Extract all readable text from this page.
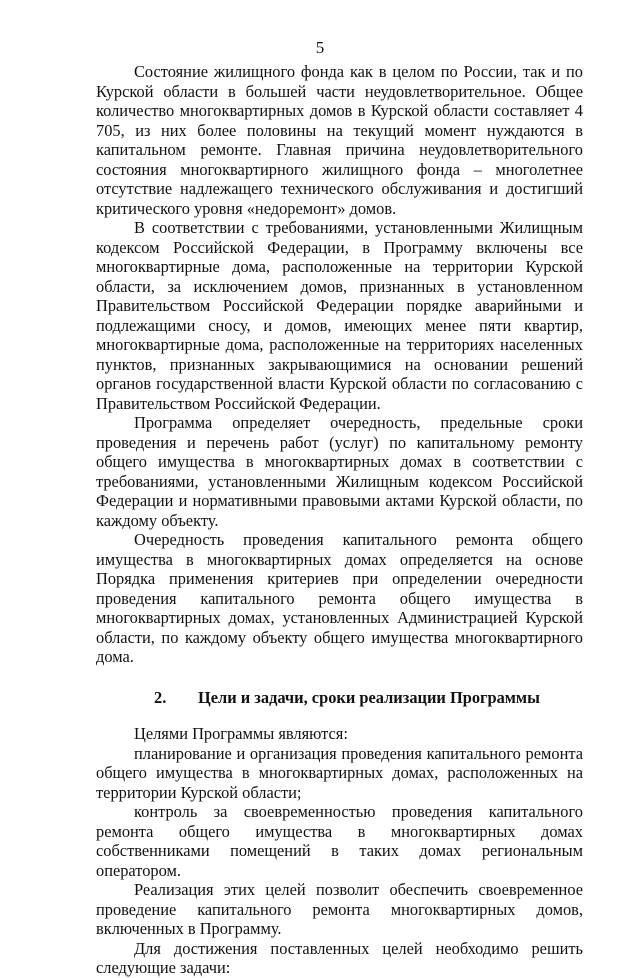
5

Состояние жилищного фонда как в целом по России, так и по Курской области в большей части неудовлетворительное. Общее количество многоквартирных домов в Курской области составляет 4 705, из них более половины на текущий момент нуждаются в капитальном ремонте. Главная причина неудовлетворительного состояния многоквартирного жилищного фонда – многолетнее отсутствие надлежащего технического обслуживания и достигший критического уровня «недоремонт» домов.

В соответствии с требованиями, установленными Жилищным кодексом Российской Федерации, в Программу включены все многоквартирные дома, расположенные на территории Курской области, за исключением домов, признанных в установленном Правительством Российской Федерации порядке аварийными и подлежащими сносу, и домов, имеющих менее пяти квартир, многоквартирные дома, расположенные на территориях населенных пунктов, признанных закрывающимися на основании решений органов государственной власти Курской области по согласованию с Правительством Российской Федерации.

Программа определяет очередность, предельные сроки проведения и перечень работ (услуг) по капитальному ремонту общего имущества в многоквартирных домах в соответствии с требованиями, установленными Жилищным кодексом Российской Федерации и нормативными правовыми актами Курской области, по каждому объекту.

Очередность проведения капитального ремонта общего имущества в многоквартирных домах определяется на основе Порядка применения критериев при определении очередности проведения капитального ремонта общего имущества в многоквартирных домах, установленных Администрацией Курской области, по каждому объекту общего имущества многоквартирного дома.

2. Цели и задачи, сроки реализации Программы

Целями Программы являются:

планирование и организация проведения капитального ремонта общего имущества в многоквартирных домах, расположенных на территории Курской области;

контроль за своевременностью проведения капитального ремонта общего имущества в многоквартирных домах собственниками помещений в таких домах региональным оператором.

Реализация этих целей позволит обеспечить своевременное проведение капитального ремонта многоквартирных домов, включенных в Программу.

Для достижения поставленных целей необходимо решить следующие задачи:
